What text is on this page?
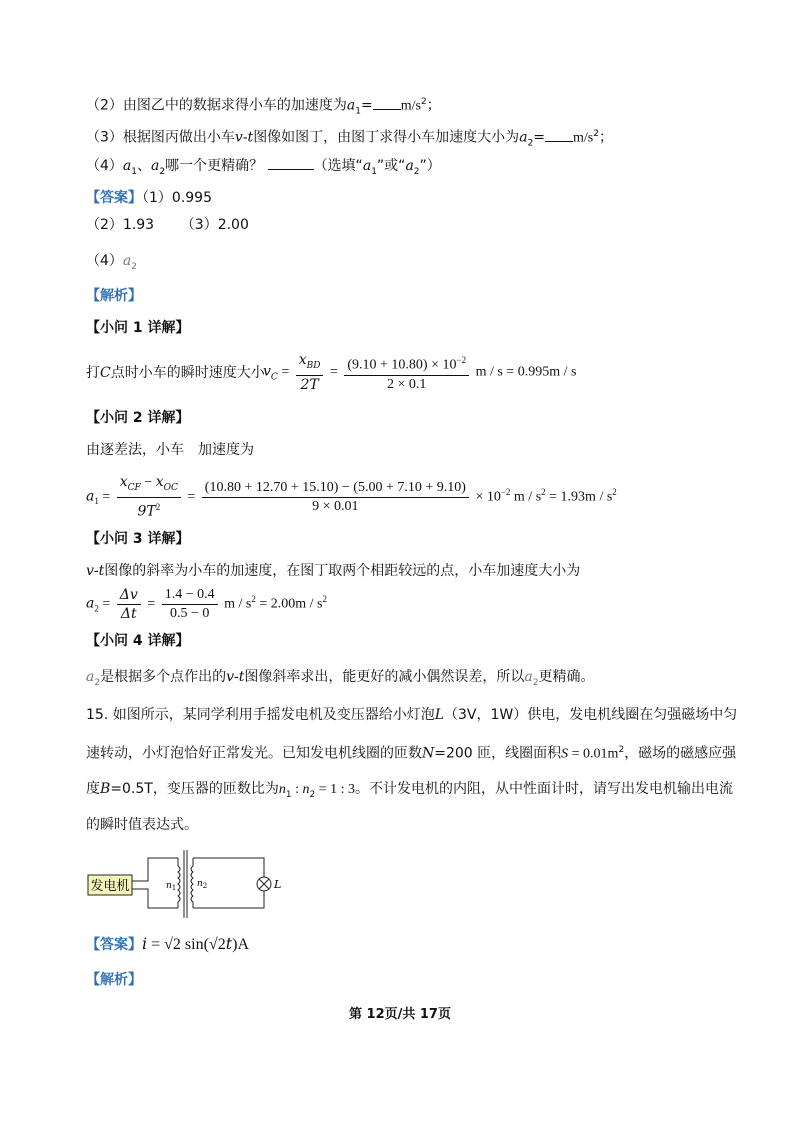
（2）由图乙中的数据求得小车的加速度为$a_1= m/s^2$；
（3）根据图丙做出小车v-t图像如图丁，由图丁求得小车加速度大小为$a_2= m/s^2$；
$(4)a_1$、$a_2$哪一个更精确？	（选填“$a_1$”或“$a_2$”）
【答案】（1）0.995
（2）1.93 （3）2.00
$(4)a_2$
【解析】
【小问 1 详解】
打C点时小车的瞬时速度大小
$v_C = \frac{x_{BD}}{2T} = \frac{(9.10 + 10.80) \times 10^{-2}}{2 \times 0.1}$ m / s = 0.995m / s
【小问 2 详解】
由逐差法，小车　加速度为
$a_1 = \frac{x_{CF} - x_{OC}}{9T^2} = \frac{(10.80 + 12.70 + 15.10) - (5.00 + 7.10 + 9.10)}{9 \times 0.01} \times 10^{-2}$ $m / s^2 = 1.93m / s^2$
【小问 3 详解】
v-t图像的斜率为小车的加速度，在图丁取两个相距较远的点，小车加速度大小为
$a_2 = \frac{\Delta v}{\Delta t} = \frac{1.4 - 0.4}{0.5 - 0}$ $m / s^2 = 2.00m / s^2$
【小问 4 详解】
$a_2$是根据多个点作出的v-t图像斜率求出，能更好的减小偶然误差，所以$a_2$更精确。
15. 如图所示，某同学利用手摇发电机及变压器给小灯泡L（3V，1W）供电，发电机线圈在匀强磁场中匀
速转动，小灯泡恰好正常发光。已知发电机线圈的匝数N=200 匝，线圈面积$S = 0.01m^2$，磁场的磁感应强
度B=0.5T，变压器的匝数比为$n_1$ : $n_2 = 1$ : 3。不计发电机的内阻，从中性面计时，请写出发电机输出电流
的瞬时值表达式。
发电机	$n_1$ $n_2$	L
【答案】i = √2 sin(√2t)A
【解析】
第 12页/共 17页
